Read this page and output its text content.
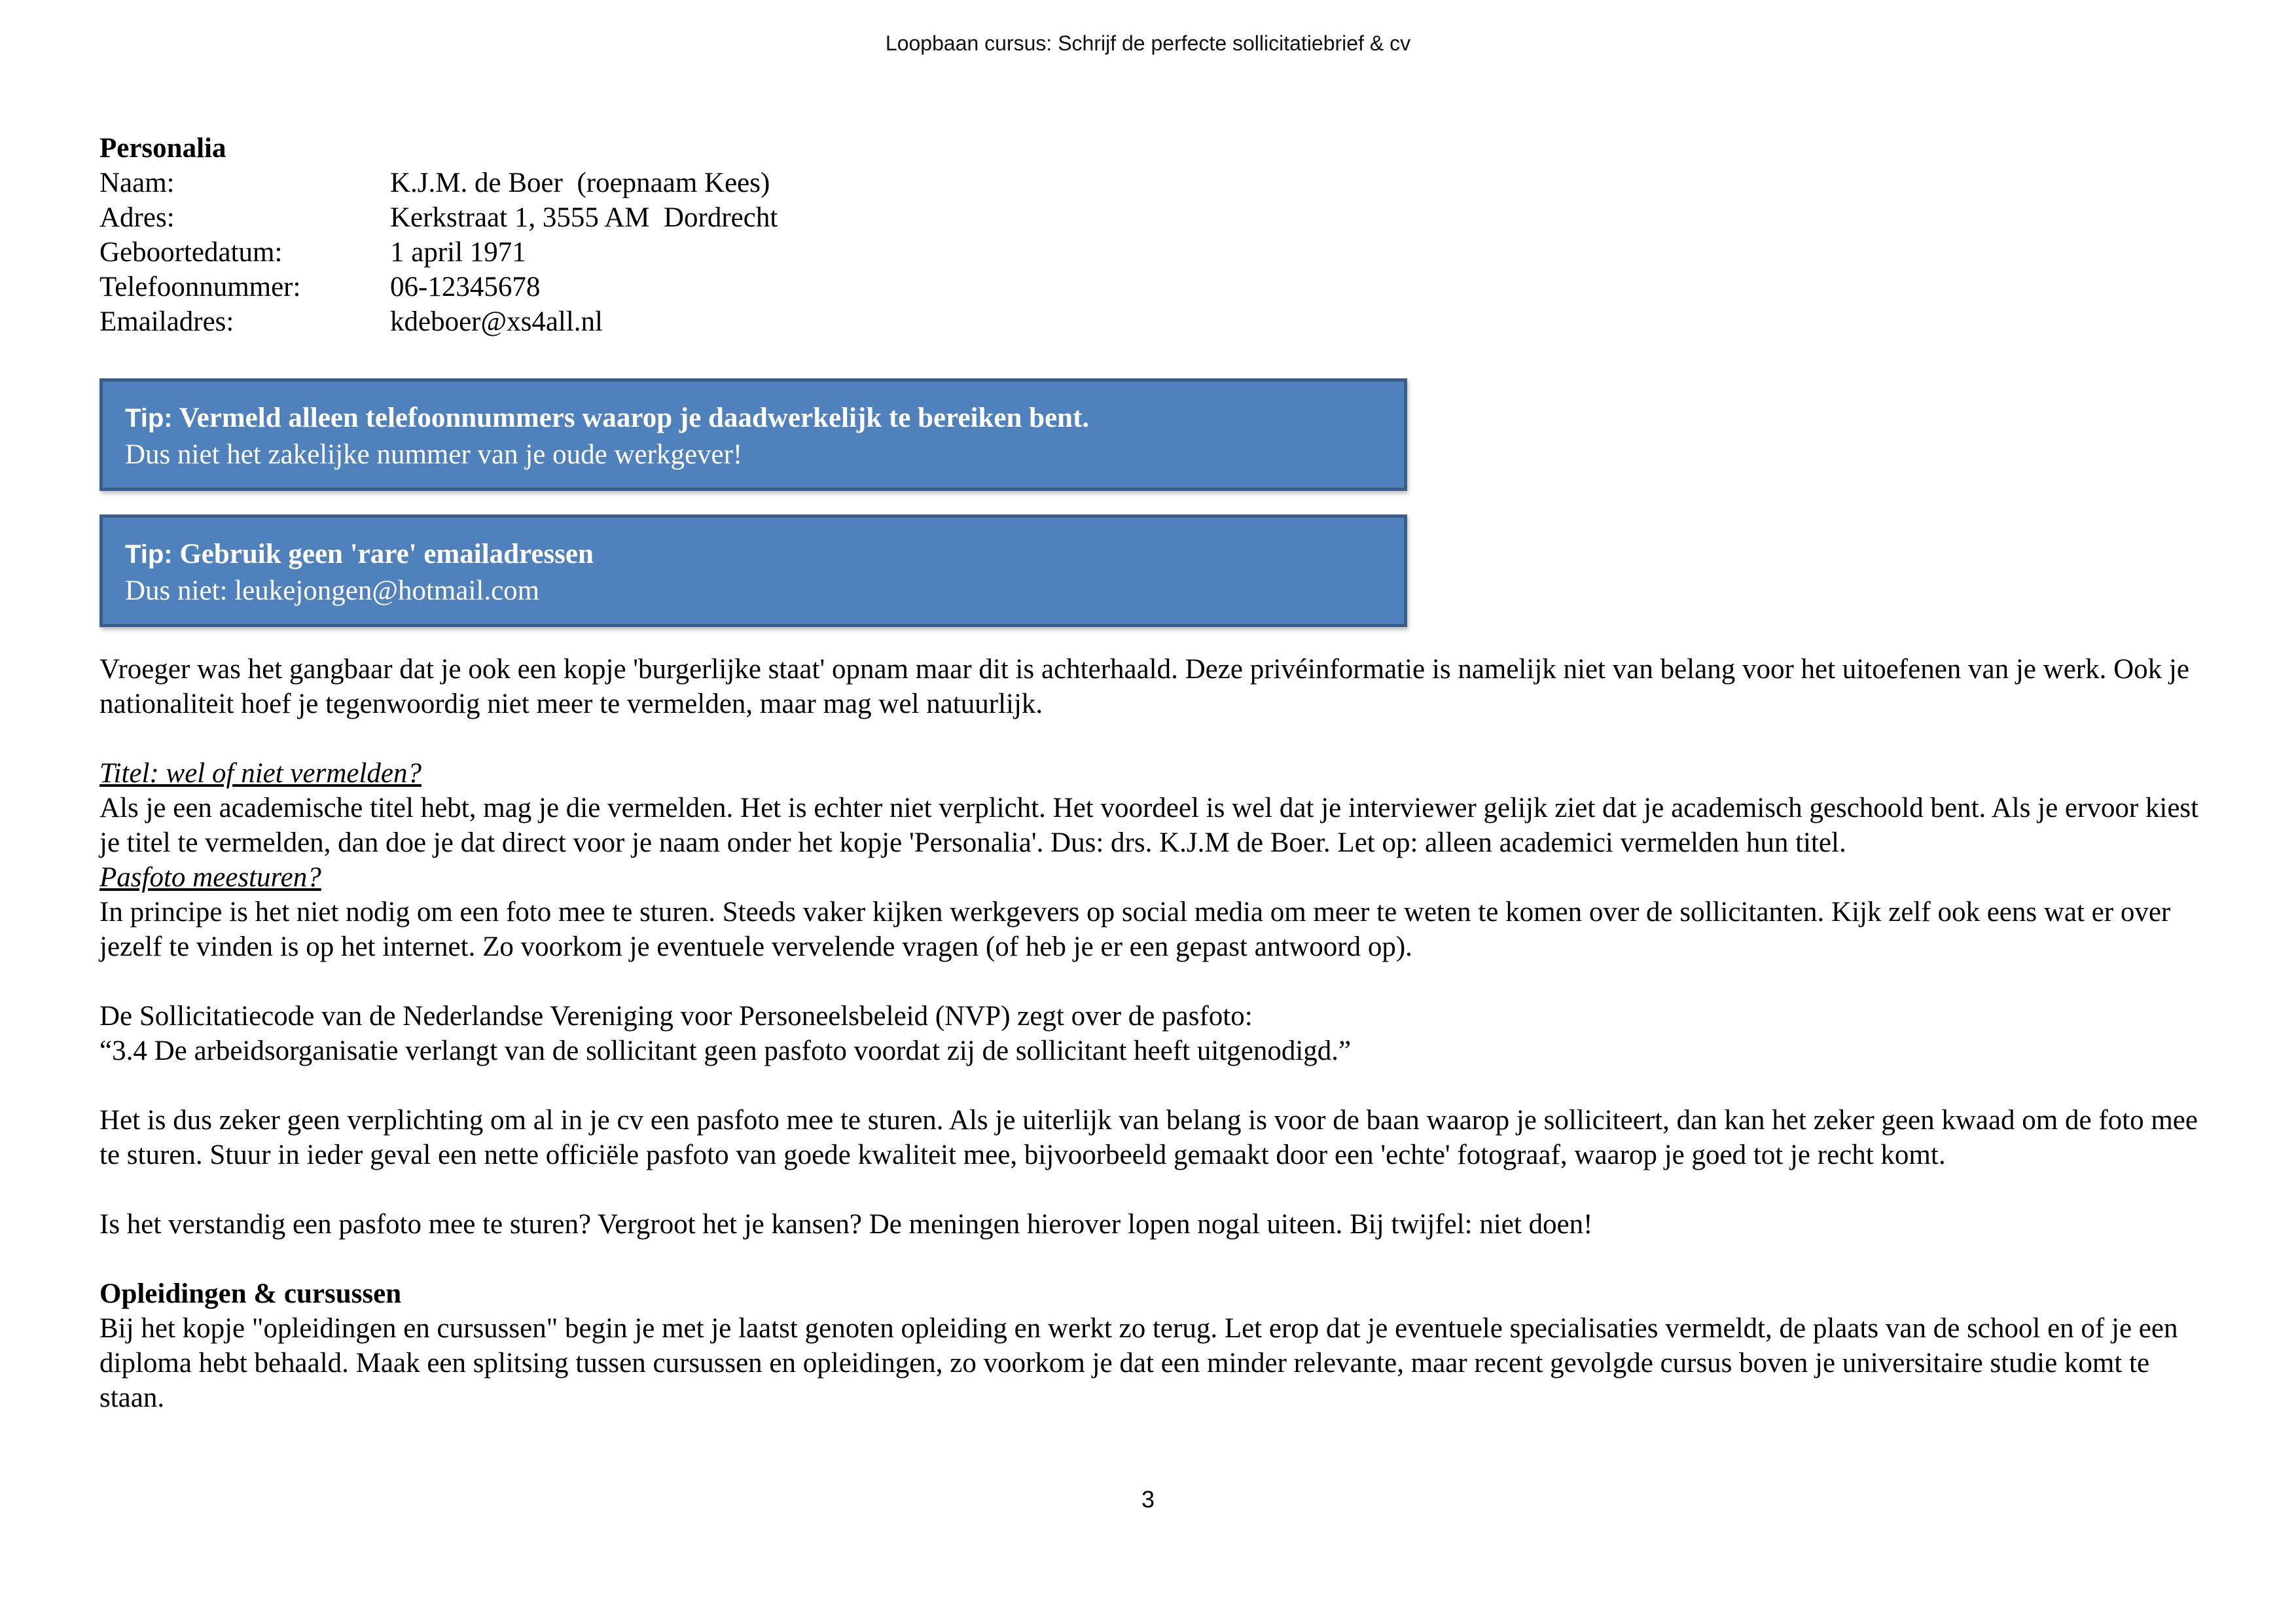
Loopbaan cursus: Schrijf de perfecte sollicitatiebrief & cv

Personalia

Naam:	K.J.M. de Boer  (roepnaam Kees)
Adres:	Kerkstraat 1, 3555 AM  Dordrecht
Geboortedatum:	1 april 1971
Telefoonnummer:	06-12345678
Emailadres:	kdeboer@xs4all.nl
Tip: Vermeld alleen telefoonnummers waarop je daadwerkelijk te bereiken bent.
Dus niet het zakelijke nummer van je oude werkgever!
Tip: Gebruik geen 'rare' emailadressen
Dus niet: leukejongen@hotmail.com

Vroeger was het gangbaar dat je ook een kopje 'burgerlijke staat' opnam maar dit is achterhaald. Deze privéinformatie is namelijk niet van belang voor het uitoefenen van je werk. Ook je nationaliteit hoef je tegenwoordig niet meer te vermelden, maar mag wel natuurlijk.

Titel: wel of niet vermelden?

Als je een academische titel hebt, mag je die vermelden. Het is echter niet verplicht. Het voordeel is wel dat je interviewer gelijk ziet dat je academisch geschoold bent. Als je ervoor kiest je titel te vermelden, dan doe je dat direct voor je naam onder het kopje 'Personalia'. Dus: drs. K.J.M de Boer. Let op: alleen academici vermelden hun titel.

Pasfoto meesturen?

In principe is het niet nodig om een foto mee te sturen. Steeds vaker kijken werkgevers op social media om meer te weten te komen over de sollicitanten. Kijk zelf ook eens wat er over jezelf te vinden is op het internet. Zo voorkom je eventuele vervelende vragen (of heb je er een gepast antwoord op).

De Sollicitatiecode van de Nederlandse Vereniging voor Personeelsbeleid (NVP) zegt over de pasfoto:

“3.4 De arbeidsorganisatie verlangt van de sollicitant geen pasfoto voordat zij de sollicitant heeft uitgenodigd.”

Het is dus zeker geen verplichting om al in je cv een pasfoto mee te sturen. Als je uiterlijk van belang is voor de baan waarop je solliciteert, dan kan het zeker geen kwaad om de foto mee te sturen. Stuur in ieder geval een nette officiële pasfoto van goede kwaliteit mee, bijvoorbeeld gemaakt door een 'echte' fotograaf, waarop je goed tot je recht komt.

Is het verstandig een pasfoto mee te sturen? Vergroot het je kansen? De meningen hierover lopen nogal uiteen. Bij twijfel: niet doen!

Opleidingen & cursussen

Bij het kopje "opleidingen en cursussen" begin je met je laatst genoten opleiding en werkt zo terug. Let erop dat je eventuele specialisaties vermeldt, de plaats van de school en of je een diploma hebt behaald. Maak een splitsing tussen cursussen en opleidingen, zo voorkom je dat een minder relevante, maar recent gevolgde cursus boven je universitaire studie komt te staan.

3
